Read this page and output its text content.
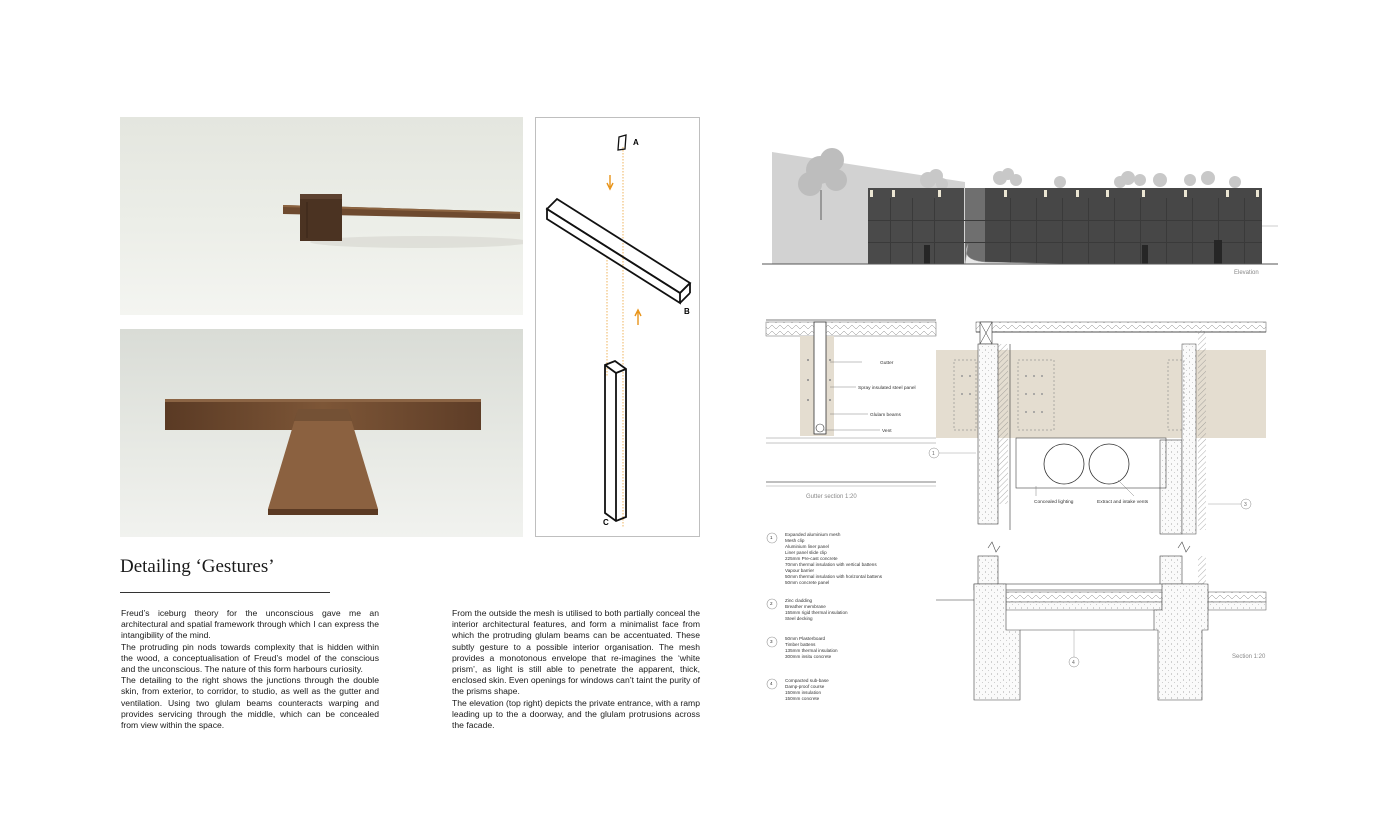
A
B
C
Detailing ‘Gestures’

Freud’s iceburg theory for the unconscious gave me an architectural and spatial framework through which I can express the intangibility of the mind.

The protruding pin nods towards complexity that is hidden within the wood, a conceptualisation of Freud’s model of the conscious and the unconscious. The nature of this form harbours curiosity.

The detailing to the right shows the junctions through the double skin, from exterior, to corridor, to studio, as well as the gutter and ventilation. Using two glulam beams counteracts warping and provides servicing through the middle, which can be concealed from view within the space.

From the outside the mesh is utilised to both partially conceal the interior architectural features, and form a minimalist face from which the protruding glulam beams can be accentuated. These subtly gesture to a possible interior organisation. The mesh provides a monotonous envelope that re-imagines the ‘white prism’, as light is still able to penetrate the apparent, thick, enclosed skin. Even openings for windows can’t taint the purity of the prisms shape.

The elevation (top right) depicts the private entrance, with a ramp leading up to the a doorway, and the glulam protrusions across the facade.

Elevation
Gutter
Spray insulated steel panel
Glulam beams
Vent
Gutter section 1:20
Concealed lighting	Extract and intake vents
1
3
4
Section 1:20
1

Expanded aluminium mesh

Mesh clip

Aluminium liner panel

Liner panel slide clip

225mm Pre-cast concrete

70mm thermal insulation with vertical battens

Vapour barrier

50mm thermal insulation with horizontal battens

50mm concrete panel

2

Zinc cladding

Breather membrane

155mm rigid thermal insulation

Steel decking

3

50mm Plasterboard

Timber battens

135mm thermal insulation

300mm insitu concrete

4

Compacted sub-base

Damp-proof course

150mm insulation

150mm concrete
